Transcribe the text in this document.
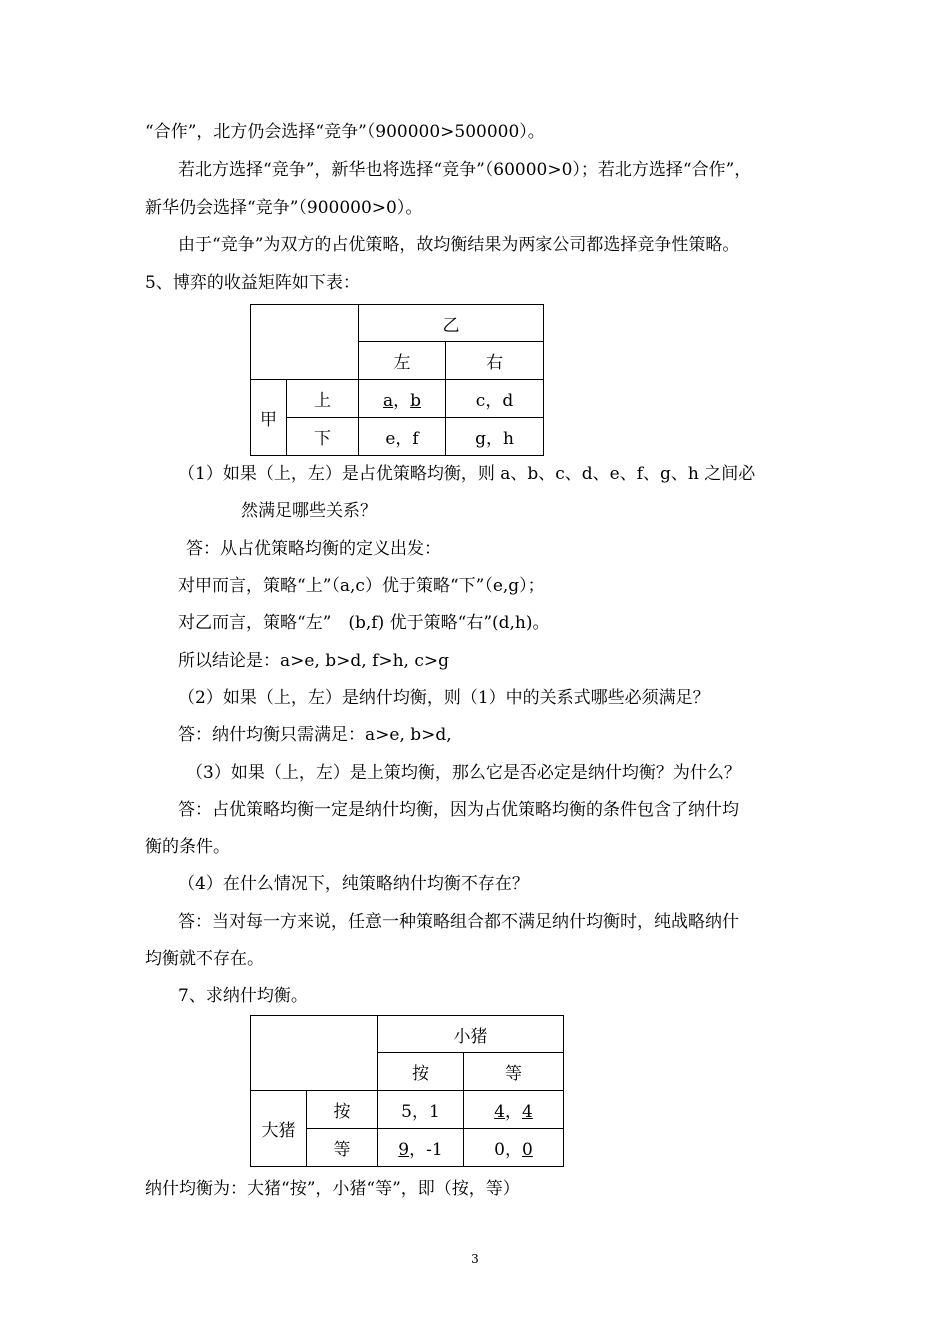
“合作”，北方仍会选择“竞争”（900000>500000）。
若北方选择“竞争”，新华也将选择“竞争”（60000>0）；若北方选择“合作”，
新华仍会选择“竞争”（900000>0）。
由于“竞争”为双方的占优策略，故均衡结果为两家公司都选择竞争性策略。
5、博弈的收益矩阵如下表：
		乙	
		左	右
甲	上	a，b	c，d
	下	e，f	g，h
（1）如果（上，左）是占优策略均衡，则 a、b、c、d、e、f、g、h 之间必
然满足哪些关系？
答：从占优策略均衡的定义出发：
对甲而言，策略“上”（a,c）优于策略“下”（e,g）；
对乙而言，策略“左”　(b,f) 优于策略“右”(d,h)。
所以结论是：a>e, b>d, f>h, c>g
（2）如果（上，左）是纳什均衡，则（1）中的关系式哪些必须满足？
答：纳什均衡只需满足：a>e, b>d,
（3）如果（上，左）是上策均衡，那么它是否必定是纳什均衡？为什么？
答：占优策略均衡一定是纳什均衡，因为占优策略均衡的条件包含了纳什均
衡的条件。
（4）在什么情况下，纯策略纳什均衡不存在？
答：当对每一方来说，任意一种策略组合都不满足纳什均衡时，纯战略纳什
均衡就不存在。
7、求纳什均衡。
		小猪	
		按	等
大猪	按	5，1	4，4
	等	9，-1	0，0
纳什均衡为：大猪“按”，小猪“等”，即（按，等）
3
